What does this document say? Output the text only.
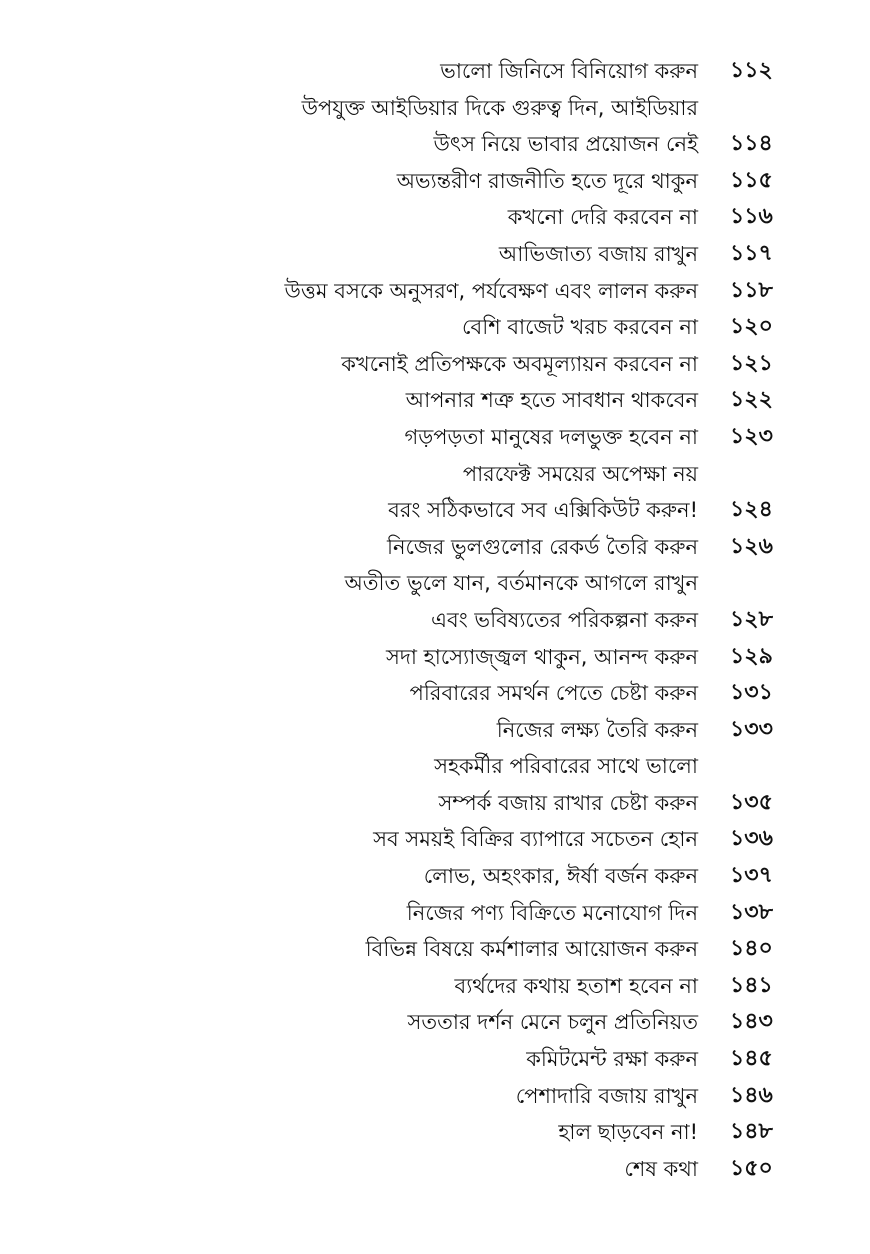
ভালো জিনিসে বিনিয়োগ করুন ১১২
উপযুক্ত আইডিয়ার দিকে গুরুত্ব দিন, আইডিয়ার
উৎস নিয়ে ভাবার প্রয়োজন নেই ১১৪
অভ্যন্তরীণ রাজনীতি হতে দূরে থাকুন ১১৫
কখনো দেরি করবেন না ১১৬
আভিজাত্য বজায় রাখুন ১১৭
উত্তম বসকে অনুসরণ, পর্যবেক্ষণ এবং লালন করুন ১১৮
বেশি বাজেট খরচ করবেন না ১২০
কখনোই প্রতিপক্ষকে অবমূল্যায়ন করবেন না ১২১
আপনার শত্রু হতে সাবধান থাকবেন ১২২
গড়পড়তা মানুষের দলভুক্ত হবেন না ১২৩
পারফেক্ট সময়ের অপেক্ষা নয়
বরং সঠিকভাবে সব এক্সিকিউট করুন! ১২৪
নিজের ভুলগুলোর রেকর্ড তৈরি করুন ১২৬
অতীত ভুলে যান, বর্তমানকে আগলে রাখুন
এবং ভবিষ্যতের পরিকল্পনা করুন ১২৮
সদা হাস্যোজ্জ্বল থাকুন, আনন্দ করুন ১২৯
পরিবারের সমর্থন পেতে চেষ্টা করুন ১৩১
নিজের লক্ষ্য তৈরি করুন ১৩৩
সহকর্মীর পরিবারের সাথে ভালো
সম্পর্ক বজায় রাখার চেষ্টা করুন ১৩৫
সব সময়ই বিক্রির ব্যাপারে সচেতন হোন ১৩৬
লোভ, অহংকার, ঈর্ষা বর্জন করুন ১৩৭
নিজের পণ্য বিক্রিতে মনোযোগ দিন ১৩৮
বিভিন্ন বিষয়ে কর্মশালার আয়োজন করুন ১৪০
ব্যর্থদের কথায় হতাশ হবেন না ১৪১
সততার দর্শন মেনে চলুন প্রতিনিয়ত ১৪৩
কমিটমেন্ট রক্ষা করুন ১৪৫
পেশাদারি বজায় রাখুন ১৪৬
হাল ছাড়বেন না! ১৪৮
শেষ কথা ১৫০
